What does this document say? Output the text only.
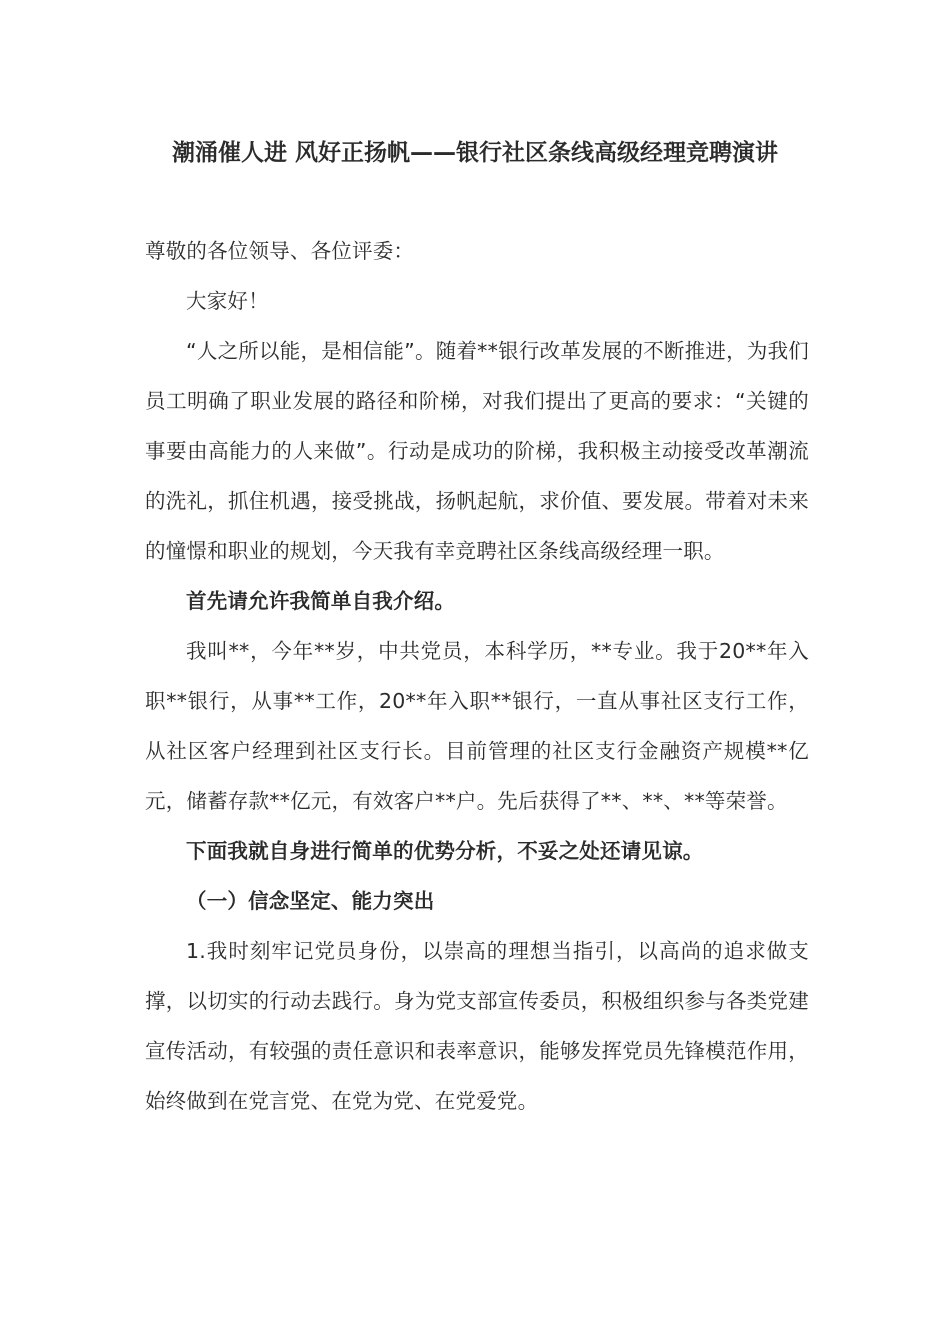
潮涌催人进 风好正扬帆——银行社区条线高级经理竞聘演讲

尊敬的各位领导、各位评委：

大家好！

“人之所以能，是相信能”。随着**银行改革发展的不断推进，为我们员工明确了职业发展的路径和阶梯，对我们提出了更高的要求：“关键的事要由高能力的人来做”。行动是成功的阶梯，我积极主动接受改革潮流的洗礼，抓住机遇，接受挑战，扬帆起航，求价值、要发展。带着对未来的憧憬和职业的规划，今天我有幸竞聘社区条线高级经理一职。

首先请允许我简单自我介绍。

我叫**，今年**岁，中共党员，本科学历，**专业。我于20**年入职**银行，从事**工作，20**年入职**银行，一直从事社区支行工作，从社区客户经理到社区支行长。目前管理的社区支行金融资产规模**亿元，储蓄存款**亿元，有效客户**户。先后获得了**、**、**等荣誉。

下面我就自身进行简单的优势分析，不妥之处还请见谅。

（一）信念坚定、能力突出

1.我时刻牢记党员身份，以崇高的理想当指引，以高尚的追求做支撑，以切实的行动去践行。身为党支部宣传委员，积极组织参与各类党建宣传活动，有较强的责任意识和表率意识，能够发挥党员先锋模范作用，始终做到在党言党、在党为党、在党爱党。
